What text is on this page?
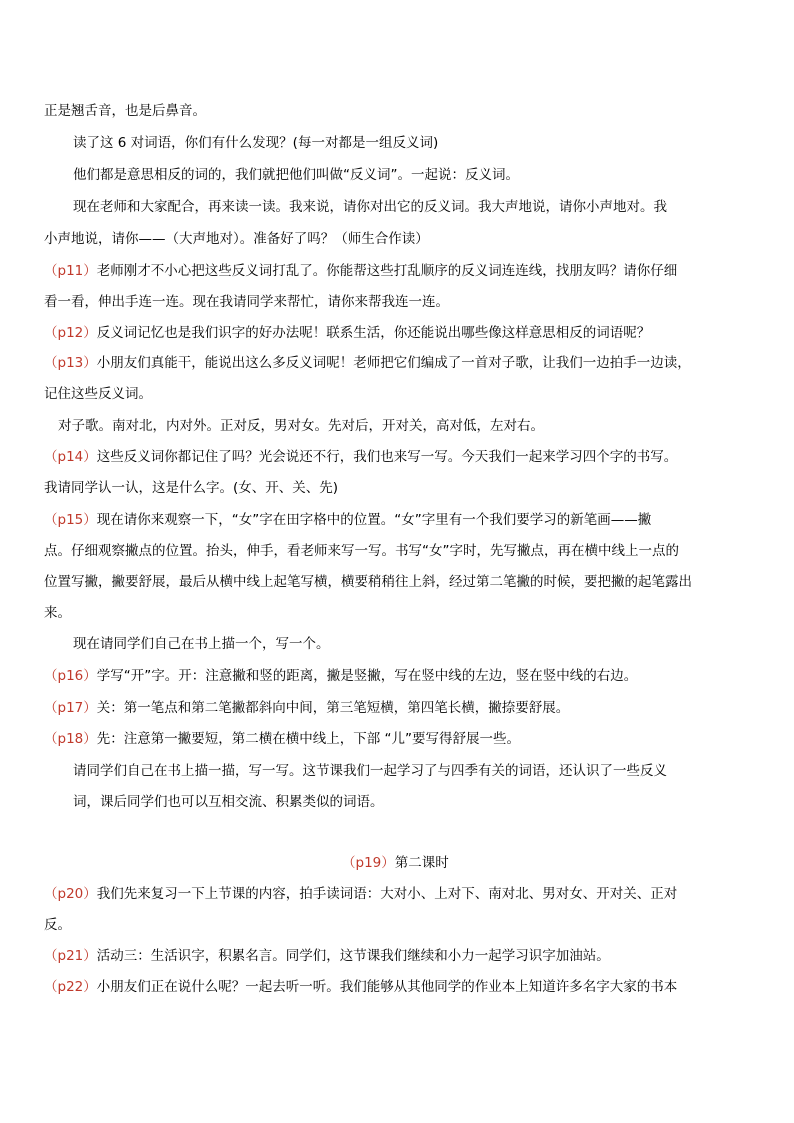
正是翘舌音，也是后鼻音。
读了这 6 对词语，你们有什么发现？(每一对都是一组反义词)
他们都是意思相反的词的，我们就把他们叫做“反义词”。一起说：反义词。
现在老师和大家配合，再来读一读。我来说，请你对出它的反义词。我大声地说，请你小声地对。我
小声地说，请你——（大声地对）。准备好了吗？（师生合作读）
（p11）老师刚才不小心把这些反义词打乱了。你能帮这些打乱顺序的反义词连连线，找朋友吗？请你仔细
看一看，伸出手连一连。现在我请同学来帮忙，请你来帮我连一连。
（p12）反义词记忆也是我们识字的好办法呢！联系生活，你还能说出哪些像这样意思相反的词语呢？
（p13）小朋友们真能干，能说出这么多反义词呢！老师把它们编成了一首对子歌，让我们一边拍手一边读，
记住这些反义词。
对子歌。南对北，内对外。正对反，男对女。先对后，开对关，高对低，左对右。
（p14）这些反义词你都记住了吗？光会说还不行，我们也来写一写。今天我们一起来学习四个字的书写。
我请同学认一认，这是什么字。(女、开、关、先)
（p15）现在请你来观察一下，“女”字在田字格中的位置。“女”字里有一个我们要学习的新笔画——撇
点。仔细观察撇点的位置。抬头，伸手，看老师来写一写。书写“女”字时，先写撇点，再在横中线上一点的
位置写撇，撇要舒展，最后从横中线上起笔写横，横要稍稍往上斜，经过第二笔撇的时候，要把撇的起笔露出
来。
现在请同学们自己在书上描一个，写一个。
（p16）学写“开”字。开：注意撇和竖的距离，撇是竖撇，写在竖中线的左边，竖在竖中线的右边。
（p17）关：第一笔点和第二笔撇都斜向中间，第三笔短横，第四笔长横，撇捺要舒展。
（p18）先：注意第一撇要短，第二横在横中线上，下部 “儿”要写得舒展一些。
请同学们自己在书上描一描，写一写。这节课我们一起学习了与四季有关的词语，还认识了一些反义
词，课后同学们也可以互相交流、积累类似的词语。
（p19）第二课时
（p20）我们先来复习一下上节课的内容，拍手读词语：大对小、上对下、南对北、男对女、开对关、正对
反。
（p21）活动三：生活识字，积累名言。同学们，这节课我们继续和小力一起学习识字加油站。
（p22）小朋友们正在说什么呢？一起去听一听。我们能够从其他同学的作业本上知道许多名字大家的书本
